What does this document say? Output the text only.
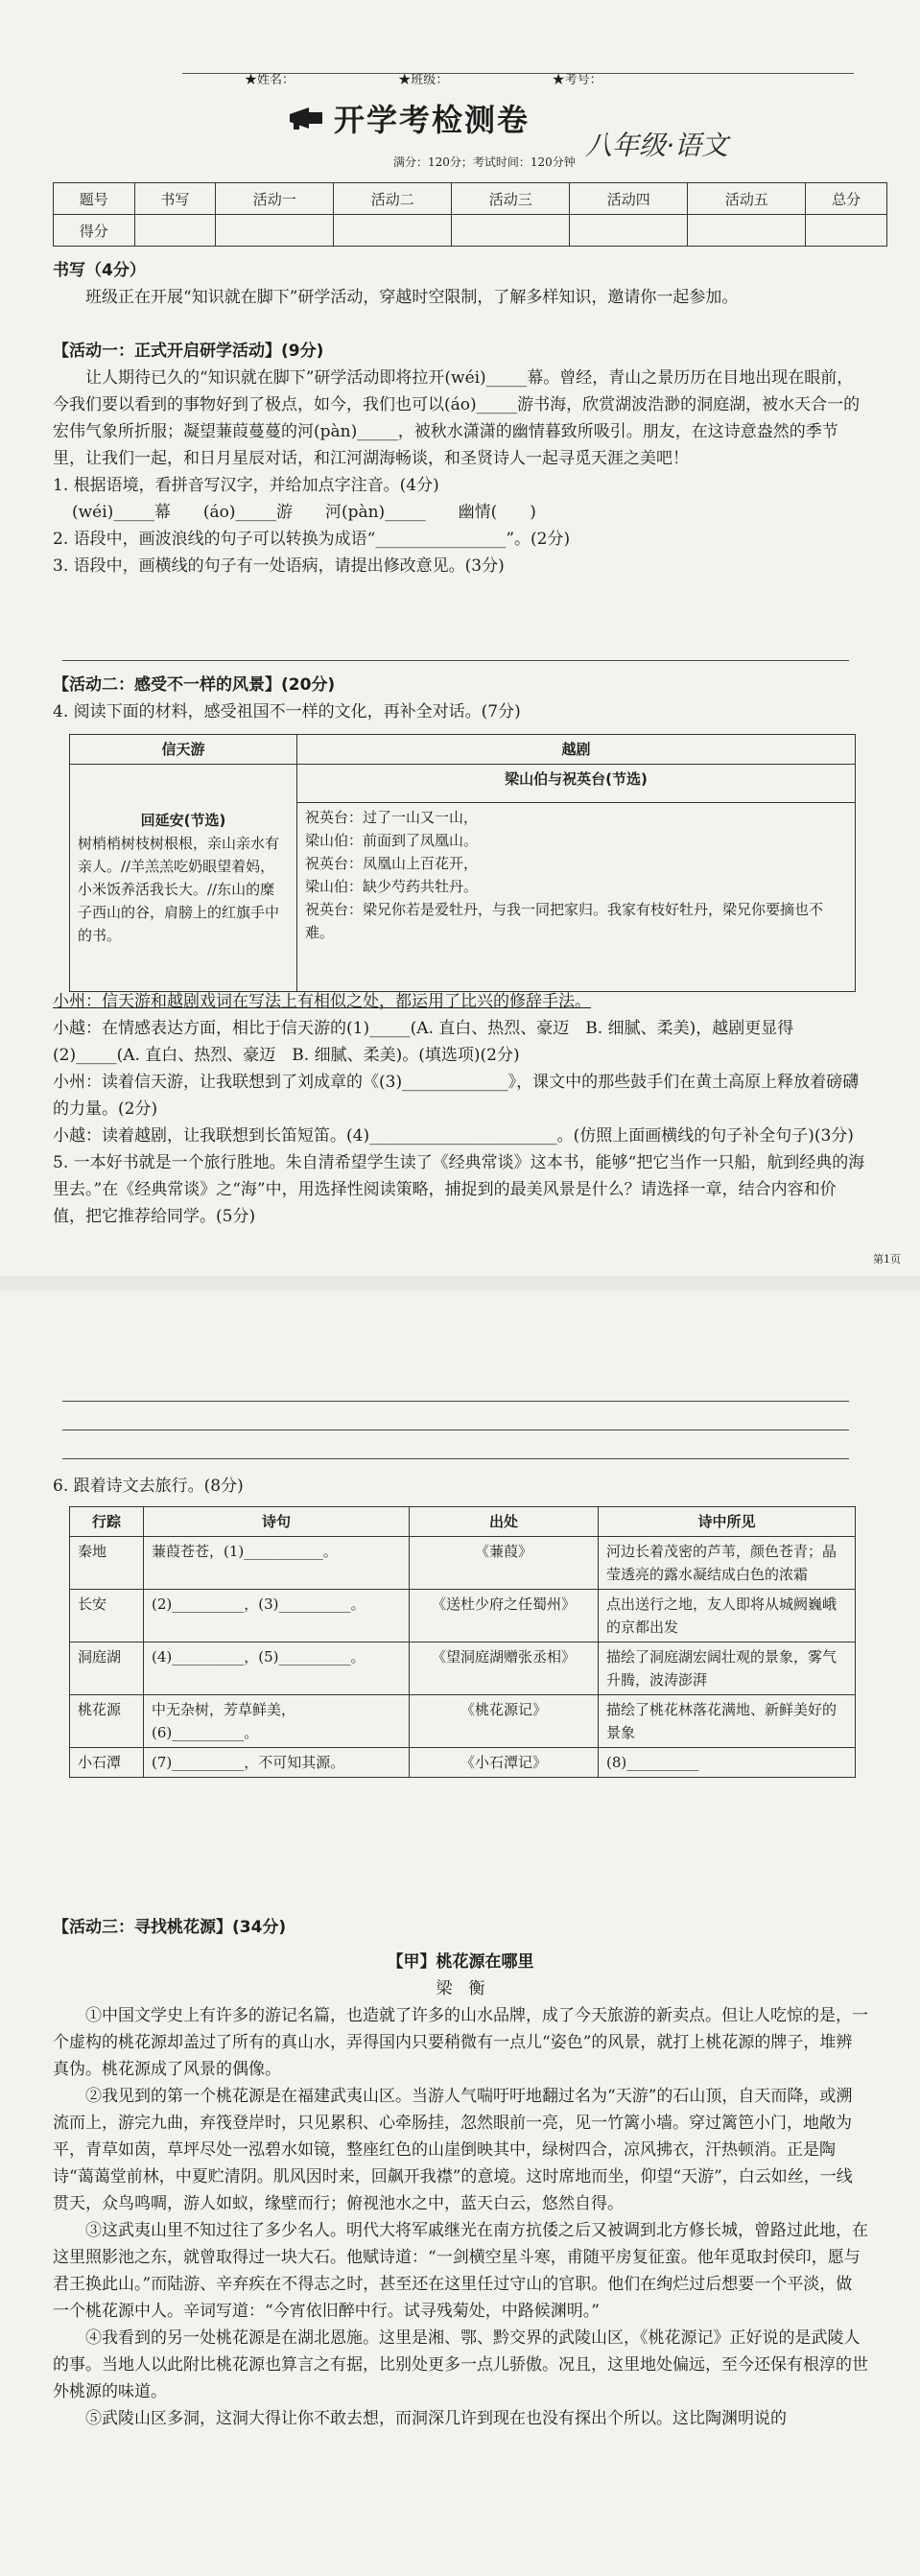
★姓名：	★班级：	★考号：
开学考检测卷
八年级·语文
满分：120分；考试时间：120分钟
题号	书写	活动一	活动二	活动三	活动四	活动五	总分
得分							
书写（4分）
班级正在开展“知识就在脚下”研学活动，穿越时空限制，了解多样知识，邀请你一起参加。
【活动一：正式开启研学活动】(9分)
让人期待已久的“知识就在脚下”研学活动即将拉开(wéi)_____幕。曾经，青山之景历历在目地出现在眼前，今我们要以看到的事物好到了极点，如今，我们也可以(áo)_____游书海，欣赏湖波浩渺的洞庭湖，被水天合一的宏伟气象所折服；凝望蒹葭蔓蔓的河(pàn)_____，被秋水潇潇的幽情暮致所吸引。朋友，在这诗意盎然的季节里，让我们一起，和日月星辰对话，和江河湖海畅谈，和圣贤诗人一起寻觅天涯之美吧！
1. 根据语境，看拼音写汉字，并给加点字注音。(4分)
(wéi)_____幕　　(áo)_____游　　河(pàn)_____　　幽情(　　)
2. 语段中，画波浪线的句子可以转换为成语“________________”。(2分)
3. 语段中，画横线的句子有一处语病，请提出修改意见。(3分)
【活动二：感受不一样的风景】(20分)
4. 阅读下面的材料，感受祖国不一样的文化，再补全对话。(7分)
信天游	越剧

回延安(节选)
树梢梢树枝树根根，亲山亲水有亲人。//羊羔羔吃奶眼望着妈，小米饭养活我长大。//东山的糜子西山的谷，肩膀上的红旗手中的书。	梁山伯与祝英台(节选)

	祝英台：过了一山又一山，
梁山伯：前面到了凤凰山。
祝英台：凤凰山上百花开，
梁山伯：缺少芍药共牡丹。
祝英台：梁兄你若是爱牡丹，与我一同把家归。我家有枝好牡丹，梁兄你要摘也不难。
小州：信天游和越剧戏词在写法上有相似之处，都运用了比兴的修辞手法。
小越：在情感表达方面，相比于信天游的(1)_____(A. 直白、热烈、豪迈　B. 细腻、柔美)，越剧更显得(2)_____(A. 直白、热烈、豪迈　B. 细腻、柔美)。(填选项)(2分)
小州：读着信天游，让我联想到了刘成章的《(3)_____________》，课文中的那些鼓手们在黄土高原上释放着磅礴的力量。(2分)
小越：读着越剧，让我联想到长笛短笛。(4)_______________________。(仿照上面画横线的句子补全句子)(3分)
5. 一本好书就是一个旅行胜地。朱自清希望学生读了《经典常谈》这本书，能够“把它当作一只船，航到经典的海里去。”在《经典常谈》之“海”中，用选择性阅读策略，捕捉到的最美风景是什么？请选择一章，结合内容和价值，把它推荐给同学。(5分)
第1页
6. 跟着诗文去旅行。(8分)
行踪	诗句	出处	诗中所见
秦地	蒹葭苍苍，(1)___________。	《蒹葭》	河边长着茂密的芦苇，颜色苍青；晶莹透亮的露水凝结成白色的浓霜
长安	(2)__________，(3)__________。	《送杜少府之任蜀州》	点出送行之地，友人即将从城阙巍峨的京都出发
洞庭湖	(4)__________，(5)__________。	《望洞庭湖赠张丞相》	描绘了洞庭湖宏阔壮观的景象，雾气升腾，波涛澎湃
桃花源	中无杂树，芳草鲜美，(6)__________。	《桃花源记》	描绘了桃花林落花满地、新鲜美好的景象
小石潭	(7)__________，不可知其源。	《小石潭记》	(8)__________
【活动三：寻找桃花源】(34分)
【甲】桃花源在哪里
梁　衡
①中国文学史上有许多的游记名篇，也造就了许多的山水品牌，成了今天旅游的新卖点。但让人吃惊的是，一个虚构的桃花源却盖过了所有的真山水，弄得国内只要稍微有一点儿“姿色”的风景，就打上桃花源的牌子，堆辨真伪。桃花源成了风景的偶像。
②我见到的第一个桃花源是在福建武夷山区。当游人气喘吁吁地翻过名为“天游”的石山顶，自天而降，或溯流而上，游完九曲，弃筏登岸时，只见累积、心牵肠挂，忽然眼前一亮，见一竹篱小墙。穿过篱笆小门，地敞为平，青草如茵，草坪尽处一泓碧水如镜，整座红色的山崖倒映其中，绿树四合，凉风拂衣，汗热顿消。正是陶诗“蔼蔼堂前林，中夏贮清阴。肌风因时来，回飙开我襟”的意境。这时席地而坐，仰望“天游”，白云如丝，一线贯天，众鸟鸣啁，游人如蚁，缘壁而行；俯视池水之中，蓝天白云，悠然自得。
③这武夷山里不知过往了多少名人。明代大将军戚继光在南方抗倭之后又被调到北方修长城，曾路过此地，在这里照影池之东，就曾取得过一块大石。他赋诗道：“一剑横空星斗寒，甫随平房复征蛮。他年觅取封侯印，愿与君王换此山。”而陆游、辛弃疾在不得志之时，甚至还在这里任过守山的官职。他们在绚烂过后想要一个平淡，做一个桃花源中人。辛词写道：“今宵依旧醉中行。试寻残菊处，中路候渊明。”
④我看到的另一处桃花源是在湖北恩施。这里是湘、鄂、黔交界的武陵山区，《桃花源记》正好说的是武陵人的事。当地人以此附比桃花源也算言之有据，比别处更多一点儿骄傲。况且，这里地处偏远，至今还保有根淳的世外桃源的味道。
⑤武陵山区多洞，这洞大得让你不敢去想，而洞深几许到现在也没有探出个所以。这比陶渊明说的
